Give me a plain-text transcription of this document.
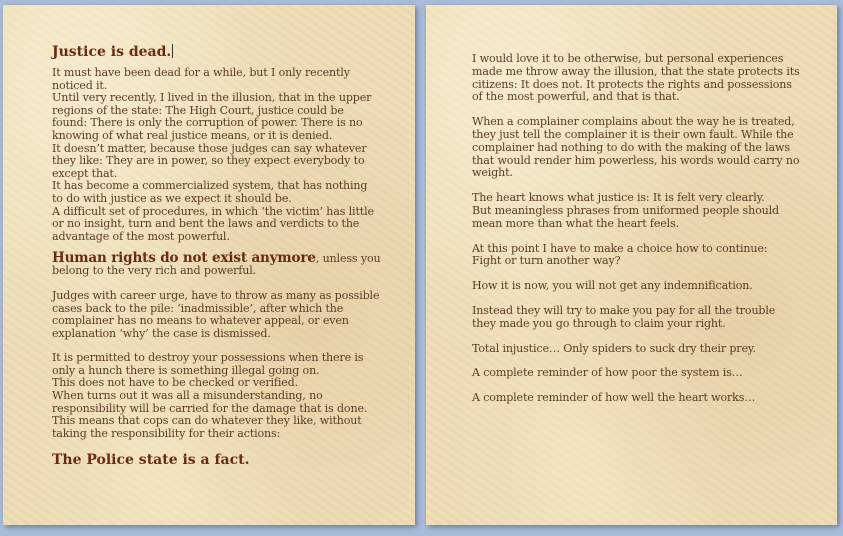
Justice is dead.

It must have been dead for a while, but I only recently

noticed it.

Until very recently, I lived in the illusion, that in the upper

regions of the state: The High Court, justice could be

found: There is only the corruption of power. There is no

knowing of what real justice means, or it is denied.

It doesn’t matter, because those judges can say whatever

they like: They are in power, so they expect everybody to

except that.

It has become a commercialized system, that has nothing

to do with justice as we expect it should be.

A difficult set of procedures, in which ‘the victim’ has little

or no insight, turn and bent the laws and verdicts to the

advantage of the most powerful.

Human rights do not exist anymore, unless you

belong to the very rich and powerful.

Judges with career urge, have to throw as many as possible

cases back to the pile: ‘inadmissible’, after which the

complainer has no means to whatever appeal, or even

explanation ‘why’ the case is dismissed.

It is permitted to destroy your possessions when there is

only a hunch there is something illegal going on.

This does not have to be checked or verified.

When turns out it was all a misunderstanding, no

responsibility will be carried for the damage that is done.

This means that cops can do whatever they like, without

taking the responsibility for their actions:

The Police state is a fact.

I would love it to be otherwise, but personal experiences

made me throw away the illusion, that the state protects its

citizens: It does not. It protects the rights and possessions

of the most powerful, and that is that.

When a complainer complains about the way he is treated,

they just tell the complainer it is their own fault. While the

complainer had nothing to do with the making of the laws

that would render him powerless, his words would carry no

weight.

The heart knows what justice is: It is felt very clearly.

But meaningless phrases from uniformed people should

mean more than what the heart feels.

At this point I have to make a choice how to continue:

Fight or turn another way?

How it is now, you will not get any indemnification.

Instead they will try to make you pay for all the trouble

they made you go through to claim your right.

Total injustice… Only spiders to suck dry their prey.

A complete reminder of how poor the system is…

A complete reminder of how well the heart works…
